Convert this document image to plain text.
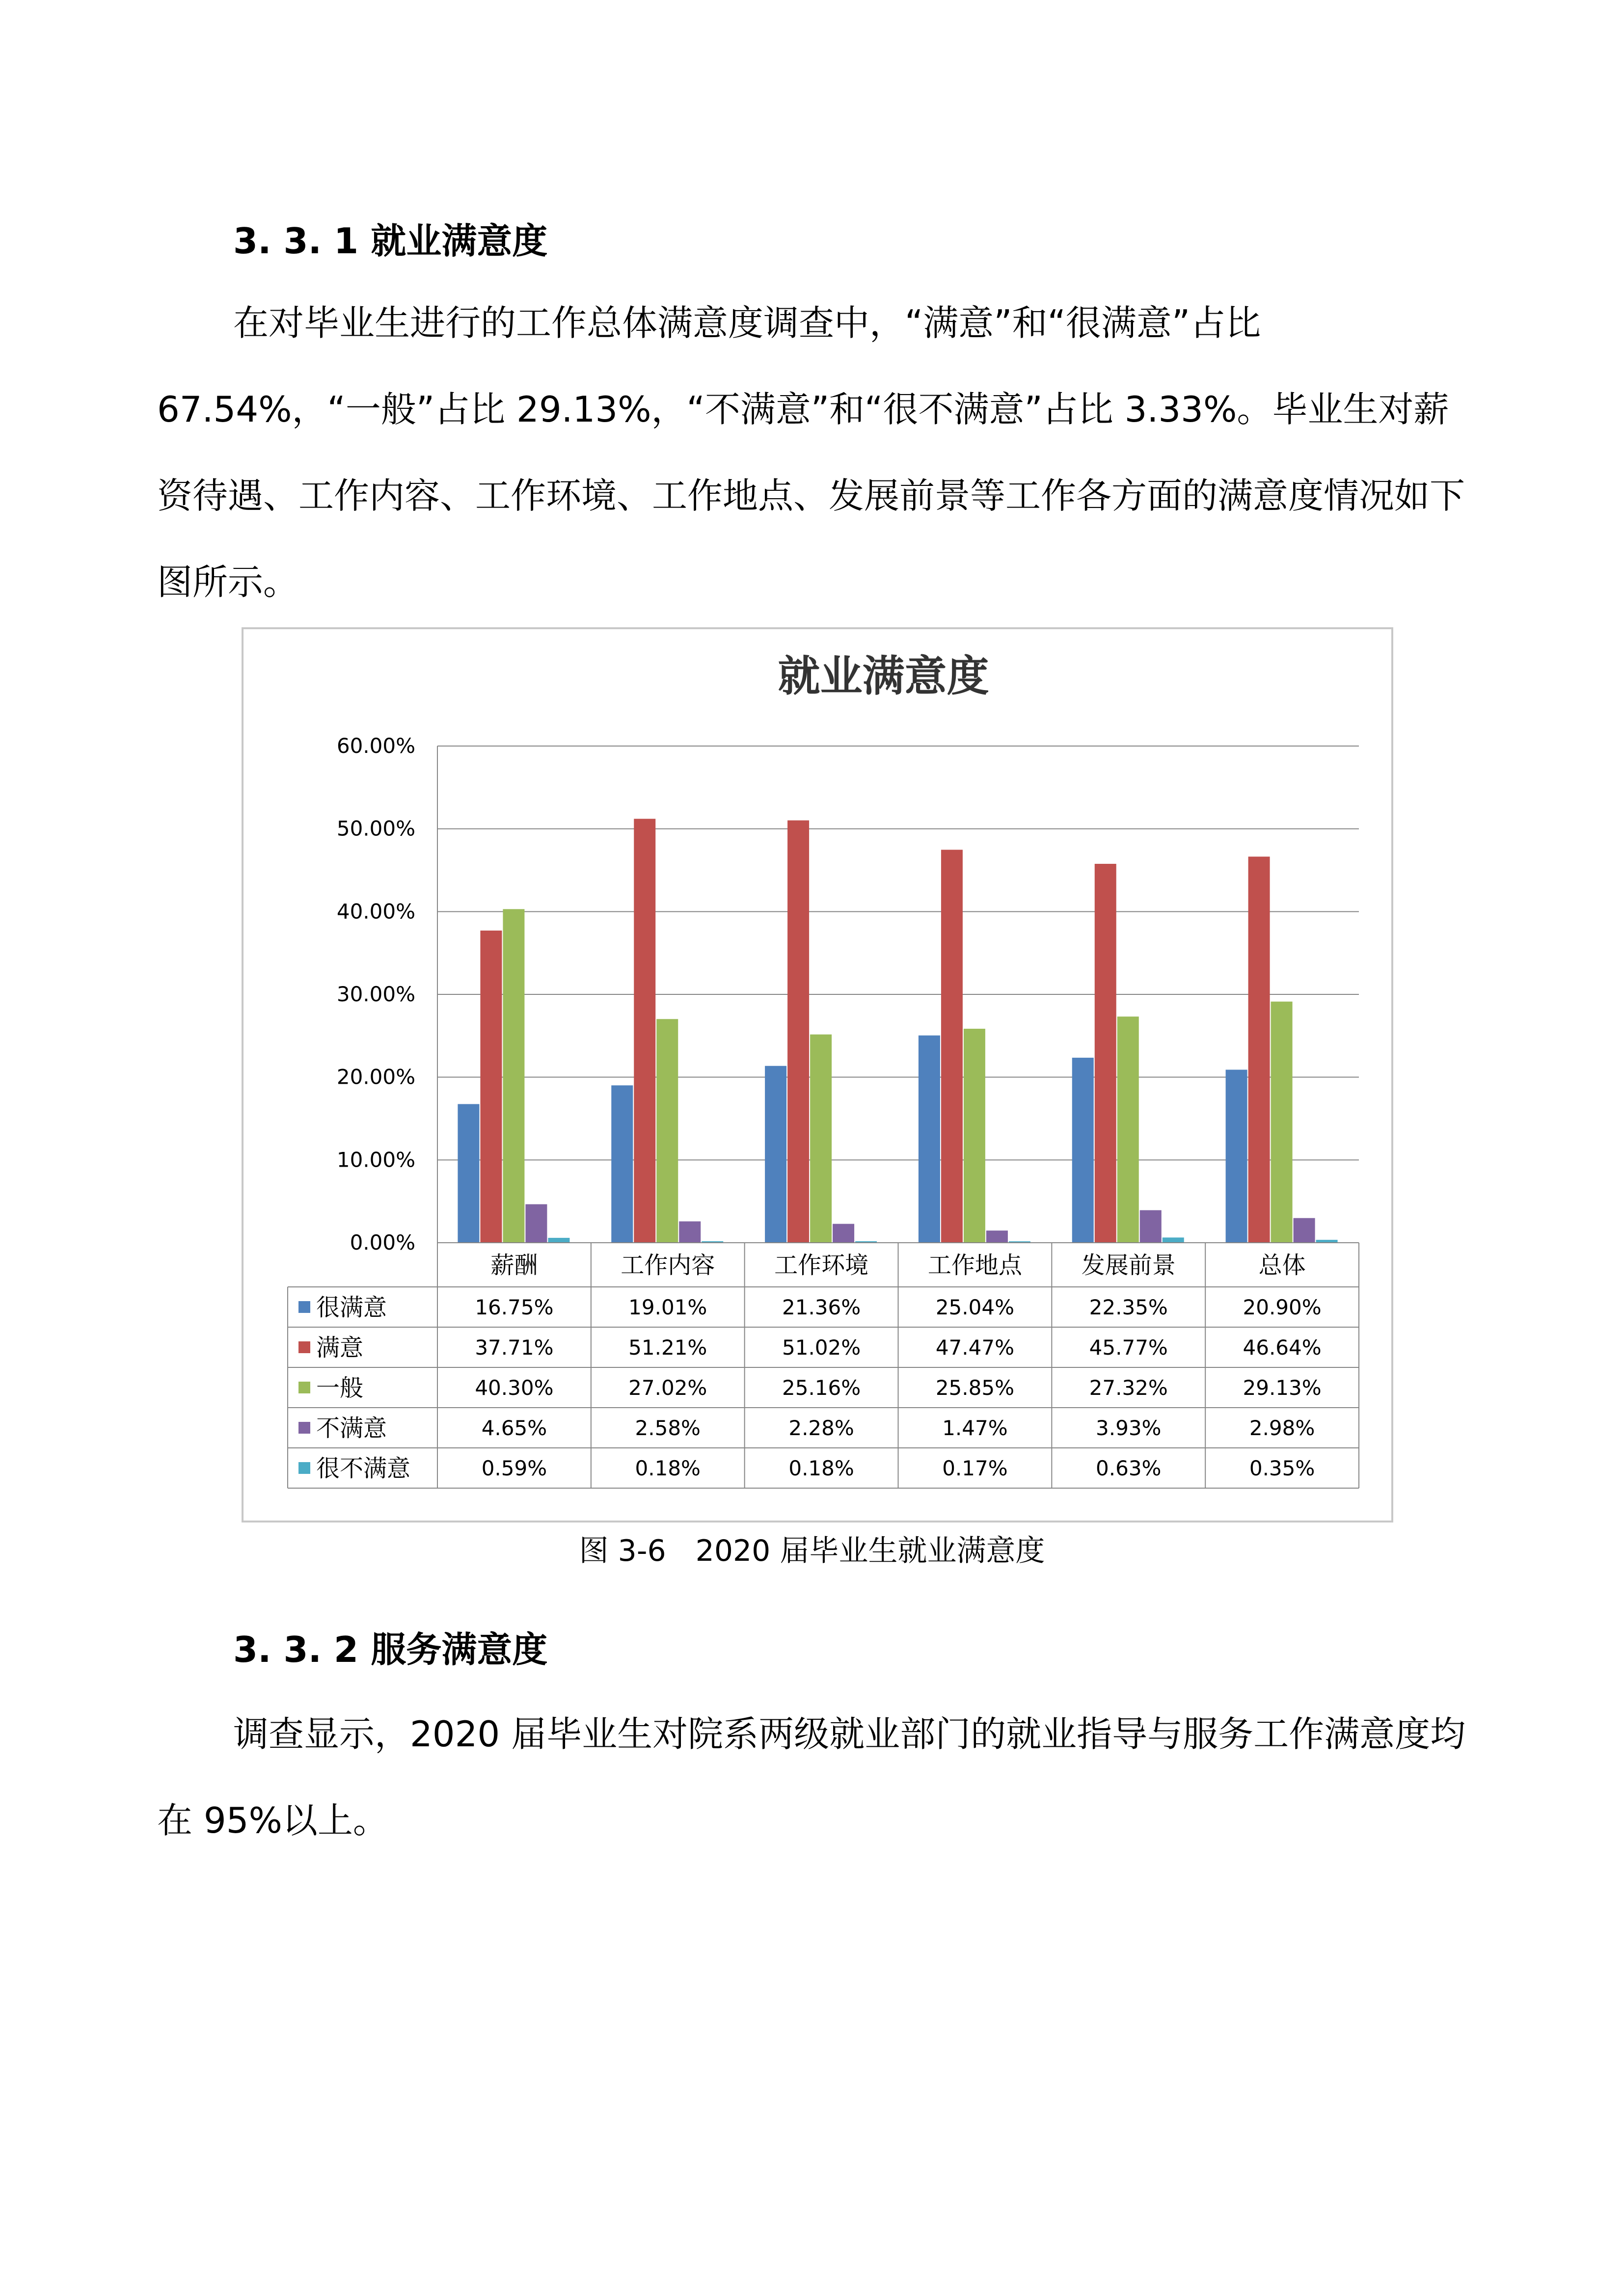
3. 3. 1 就业满意度

在对毕业生进行的工作总体满意度调查中，“满意”和“很满意”占比67.54%，“一般”占比 29.13%，“不满意”和“很不满意”占比 3.33%。毕业生对薪资待遇、工作内容、工作环境、工作地点、发展前景等工作各方面的满意度情况如下图所示。

就业满意度
0.00%
10.00%
20.00%
30.00%
40.00%
50.00%
60.00%
薪酬	工作内容	工作环境	工作地点	发展前景	总体
很满意	16.75%	19.01%	21.36%	25.04%	22.35%	20.90%
满意	37.71%	51.21%	51.02%	47.47%	45.77%	46.64%
一般	40.30%	27.02%	25.16%	25.85%	27.32%	29.13%
不满意	4.65%	2.58%	2.28%	1.47%	3.93%	2.98%
很不满意	0.59%	0.18%	0.18%	0.17%	0.63%	0.35%
图 3-6　2020 届毕业生就业满意度
3. 3. 2 服务满意度

调查显示，2020 届毕业生对院系两级就业部门的就业指导与服务工作满意度均在 95%以上。
